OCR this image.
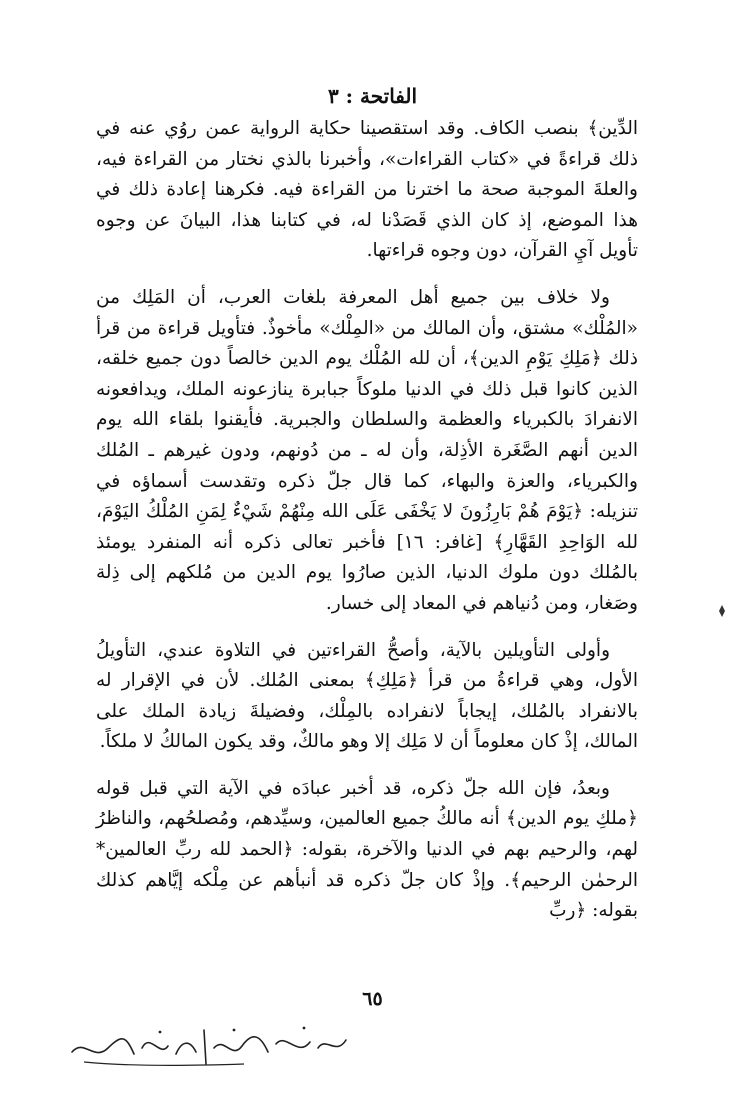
الفاتحة : ٣

الدِّين﴾ بنصب الكاف. وقد استقصينا حكاية الرواية عمن روُي عنه في ذلك قراءةً في «كتاب القراءات»، وأخبرنا بالذي نختار من القراءة فيه، والعلةَ الموجبة صحة ما اخترنا من القراءة فيه. فكرهنا إعادة ذلك في هذا الموضع، إذ كان الذي قَصَدْنا له، في كتابنا هذا، البيانَ عن وجوه تأويل آيِ القرآن، دون وجوه قراءتها.

ولا خلاف بين جميع أهل المعرفة بلغات العرب، أن المَلِك من «المُلْك» مشتق، وأن المالك من «المِلْك» مأخوذٌ. فتأويل قراءة من قرأ ذلك ﴿مَلِكِ يَوْمِ الدين﴾، أن لله المُلْك يوم الدين خالصاً دون جميع خلقه، الذين كانوا قبل ذلك في الدنيا ملوكاً جبابرة ينازعونه الملك، ويدافعونه الانفرادَ بالكبرياء والعظمة والسلطان والجبرية. فأيقنوا بلقاء الله يوم الدين أنهم الصَّغَرة الأذِلة، وأن له ـ من دُونهم، ودون غيرهم ـ المُلك والكبرياء، والعزة والبهاء، كما قال جلّ ذكره وتقدست أسماؤه في تنزيله: ﴿يَوْمَ هُمْ بَارِزُونَ لا يَخْفَى عَلَى الله مِنْهُمْ شَيْءٌ لِمَنِ المُلْكُ اليَوْمَ، لله الوَاحِدِ القَهَّارِ﴾ [غافر: ١٦] فأخبر تعالى ذكره أنه المنفرد يومئذ بالمُلك دون ملوك الدنيا، الذين صارُوا يوم الدين من مُلكهم إلى ذِلة وصَغار، ومن دُنياهم في المعاد إلى خسار.

وأولى التأويلين بالآية، وأصحُّ القراءتين في التلاوة عندي، التأويلُ الأول، وهي قراءةُ من قرأ ﴿مَلِكِ﴾ بمعنى المُلك. لأن في الإقرار له بالانفراد بالمُلك، إيجاباً لانفراده بالمِلْك، وفضيلةَ زيادة الملك على المالك، إذْ كان معلوماً أن لا مَلِك إلا وهو مالكٌ، وقد يكون المالكُ لا ملكاً.

وبعدُ، فإن الله جلّ ذكره، قد أخبر عبادَه في الآية التي قبل قوله ﴿ملكِ يوم الدين﴾ أنه مالكُ جميع العالمين، وسيِّدهم، ومُصلحُهم، والناظرُ لهم، والرحيم بهم في الدنيا والآخرة، بقوله: ﴿الحمد لله ربِّ العالمين* الرحمٰن الرحيم﴾. وإذْ كان جلّ ذكره قد أنبأهم عن مِلْكه إيَّاهم كذلك بقوله: ﴿ربِّ

٦٥
